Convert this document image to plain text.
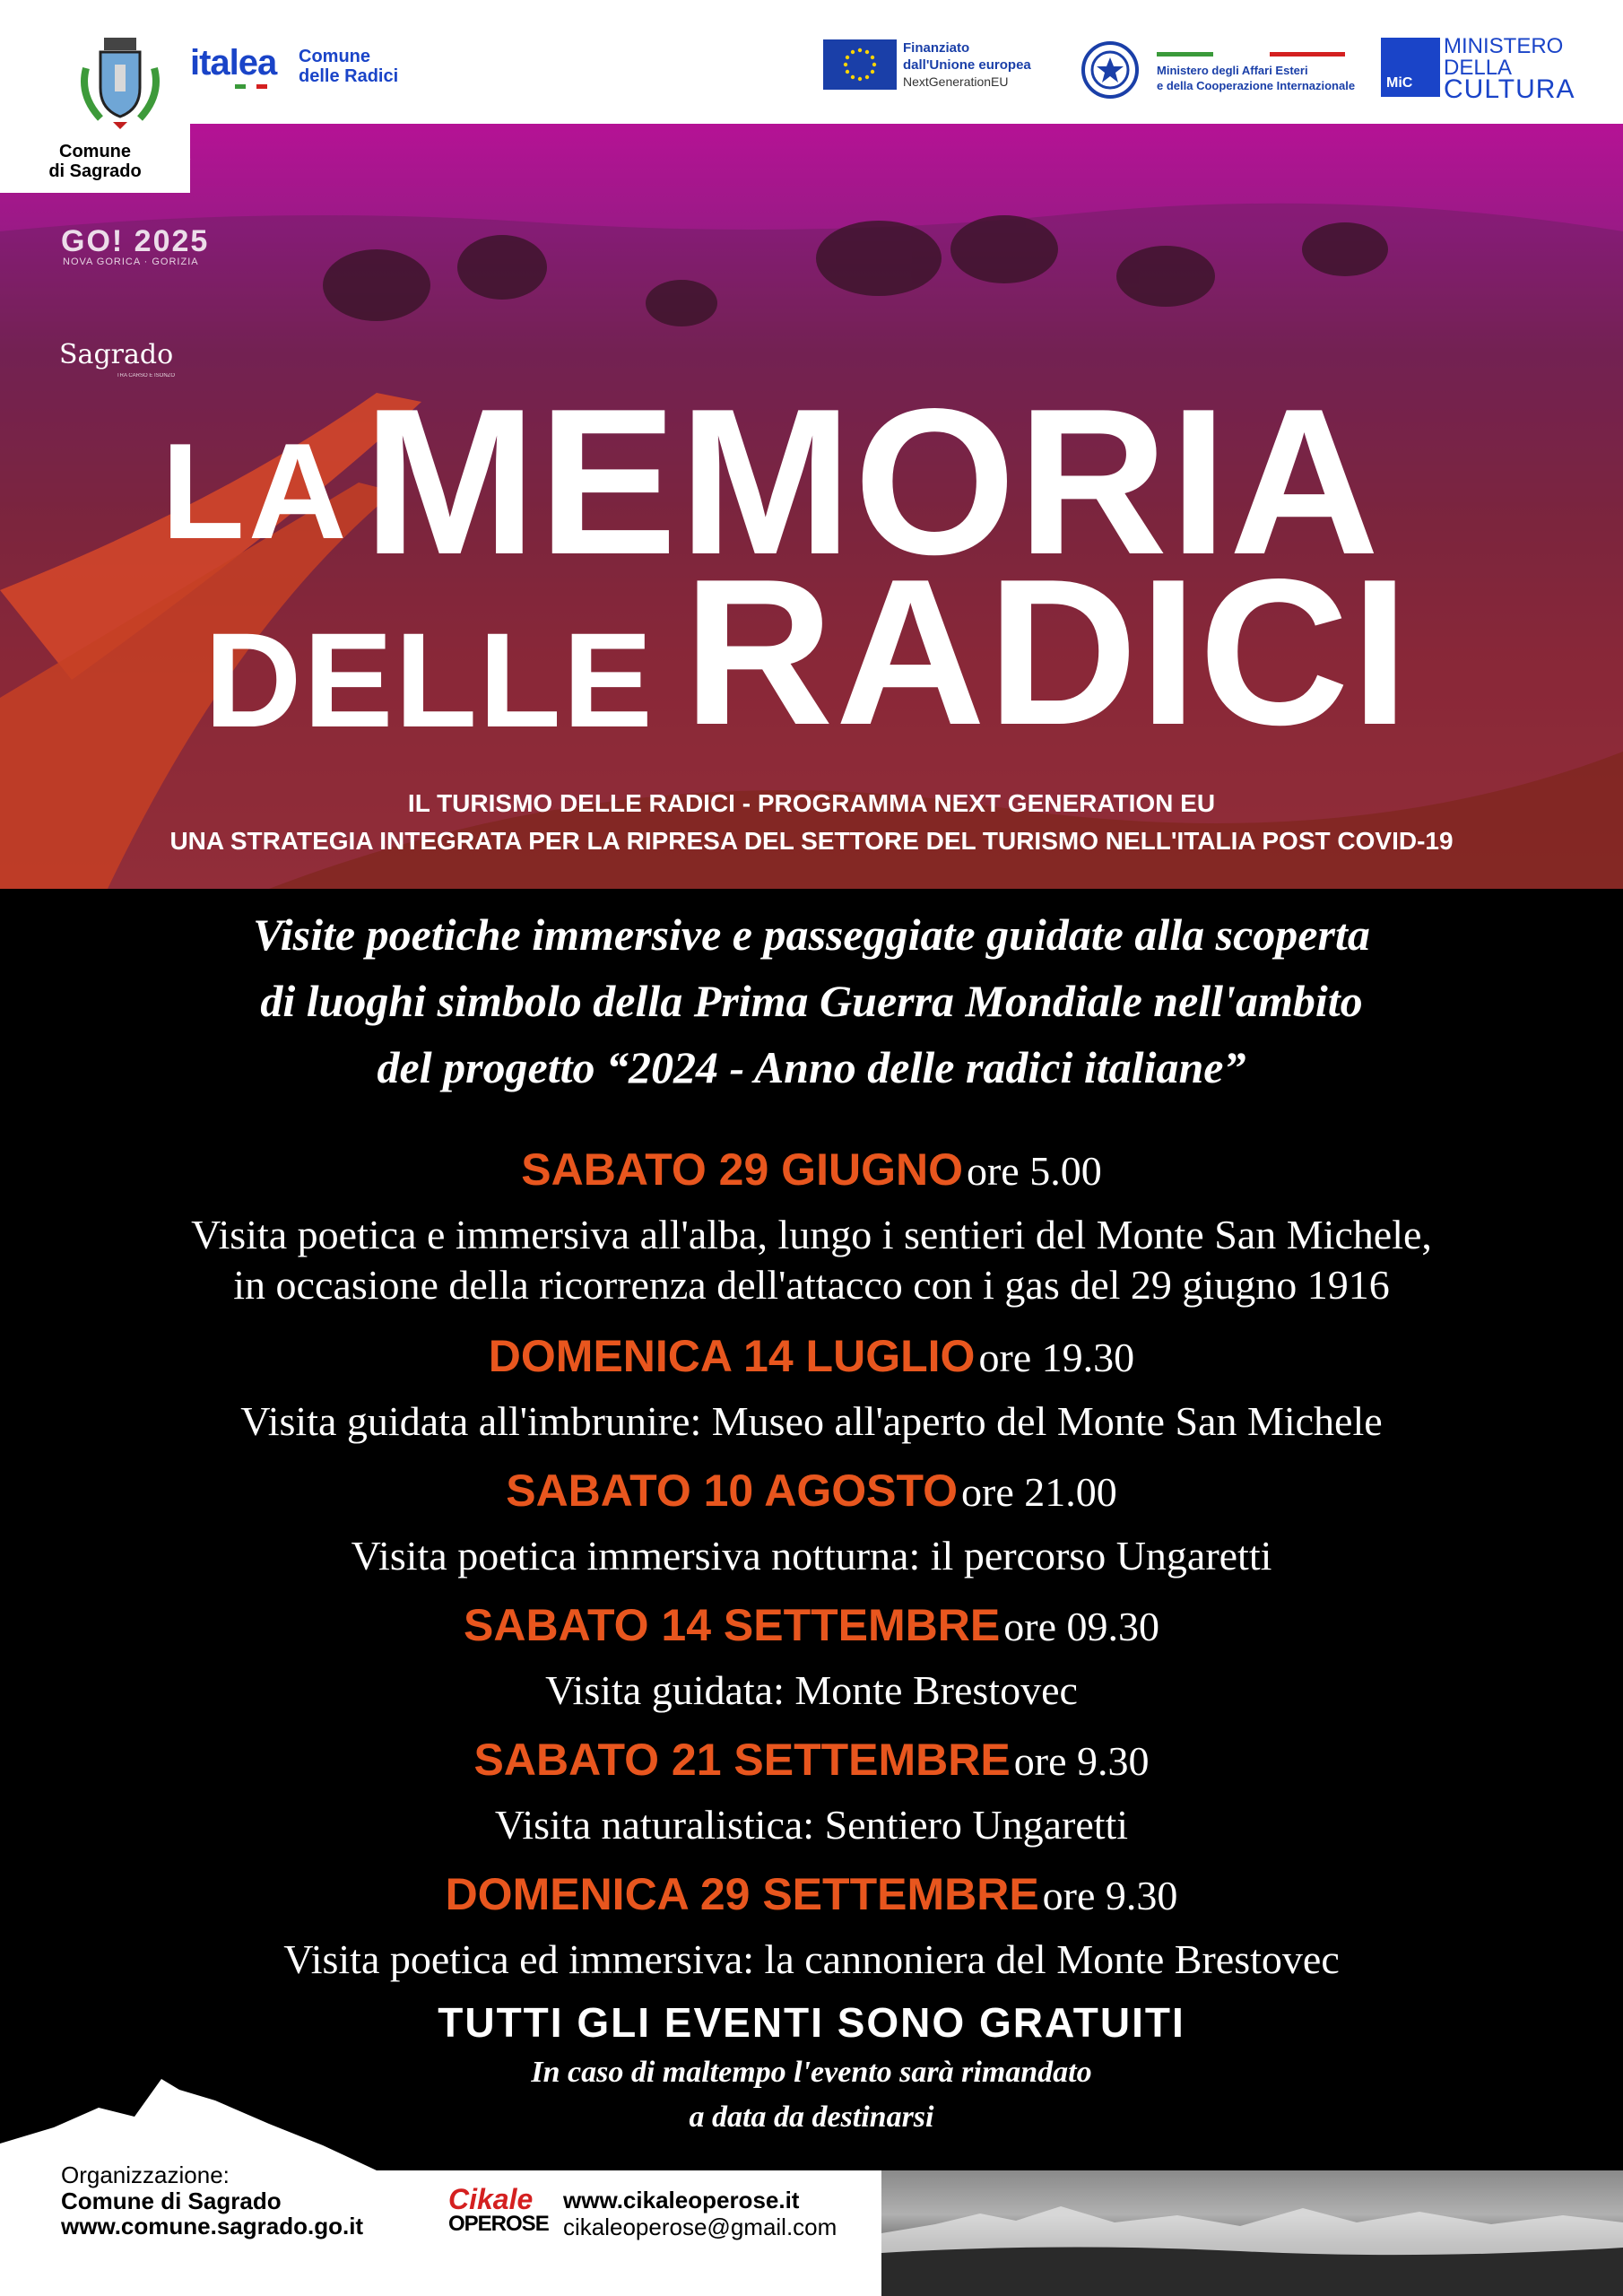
italea Comune
delle Radici
Finanziato
dall'Unione europea
NextGenerationEU
Ministero degli Affari Esteri
e della Cooperazione Internazionale MiC
MINISTERO
DELLA
CULTURA
Comune
di Sagrado
GO! 2025
NOVA GORICA · GORIZIA
Sagrado
TRA CARSO E ISONZO
LA MEMORIA
DELLE RADICI
IL TURISMO DELLE RADICI - PROGRAMMA NEXT GENERATION EU
UNA STRATEGIA INTEGRATA PER LA RIPRESA DEL SETTORE DEL TURISMO NELL'ITALIA POST COVID-19
Visite poetiche immersive e passeggiate guidate alla scoperta
di luoghi simbolo della Prima Guerra Mondiale nell'ambito
del progetto “2024 - Anno delle radici italiane”
SABATO 29 GIUGNO ore 5.00
Visita poetica e immersiva all'alba, lungo i sentieri del Monte San Michele,
in occasione della ricorrenza dell'attacco con i gas del 29 giugno 1916
DOMENICA 14 LUGLIO ore 19.30
Visita guidata all'imbrunire: Museo all'aperto del Monte San Michele
SABATO 10 AGOSTO ore 21.00
Visita poetica immersiva notturna: il percorso Ungaretti
SABATO 14 SETTEMBRE ore 09.30
Visita guidata: Monte Brestovec
SABATO 21 SETTEMBRE ore 9.30
Visita naturalistica: Sentiero Ungaretti
DOMENICA 29 SETTEMBRE ore 9.30
Visita poetica ed immersiva: la cannoniera del Monte Brestovec
TUTTI GLI EVENTI SONO GRATUITI
In caso di maltempo l'evento sarà rimandato
a data da destinarsi
Organizzazione:
Comune di Sagrado
www.comune.sagrado.go.it
Cikale
OPEROSE
www.cikaleoperose.it
cikaleoperose@gmail.com
